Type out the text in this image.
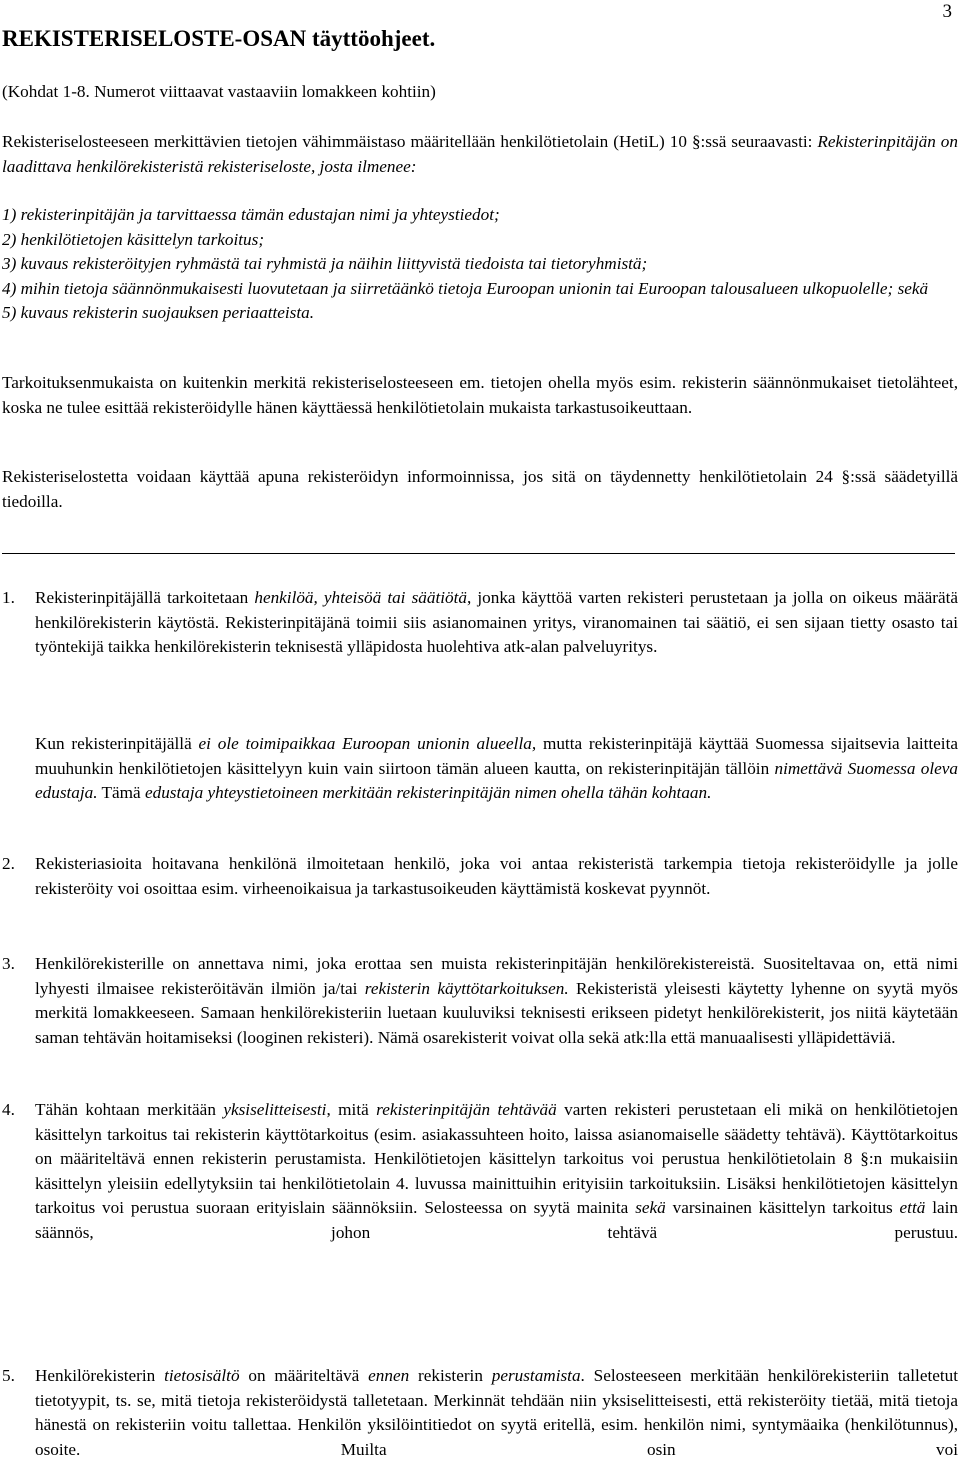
3
REKISTERISELOSTE-OSAN täyttöohjeet.
(Kohdat 1-8. Numerot viittaavat vastaaviin lomakkeen kohtiin)
Rekisteriselosteeseen merkittävien tietojen vähimmäistaso määritellään henkilötietolain (HetiL) 10 §:ssä seuraavasti: Rekisterinpitäjän on laadittava henkilörekisteristä rekisteriseloste, josta ilmenee:
1) rekisterinpitäjän ja tarvittaessa tämän edustajan nimi ja yhteystiedot;
2) henkilötietojen käsittelyn tarkoitus;
3) kuvaus rekisteröityjen ryhmästä tai ryhmistä ja näihin liittyvistä tiedoista tai tietoryhmistä;
4) mihin tietoja säännönmukaisesti luovutetaan ja siirretäänkö tietoja Euroopan unionin tai Euroopan talousalueen ulkopuolelle; sekä
5) kuvaus rekisterin suojauksen periaatteista.
Tarkoituksenmukaista on kuitenkin merkitä rekisteriselosteeseen em. tietojen ohella myös esim. rekisterin säännönmukaiset tietolähteet, koska ne tulee esittää rekisteröidylle hänen käyttäessä henkilötietolain mukaista tarkastusoikeuttaan.
Rekisteriselostetta voidaan käyttää apuna rekisteröidyn informoinnissa, jos sitä on täydennetty henkilötietolain 24 §:ssä säädetyillä tiedoilla.
1. Rekisterinpitäjällä tarkoitetaan henkilöä, yhteisöä tai säätiötä, jonka käyttöä varten rekisteri perustetaan ja jolla on oikeus määrätä henkilörekisterin käytöstä. Rekisterinpitäjänä toimii siis asianomainen yritys, viranomainen tai säätiö, ei sen sijaan tietty osasto tai työntekijä taikka henkilörekisterin teknisestä ylläpidosta huolehtiva atk-alan palveluyritys.
Kun rekisterinpitäjällä ei ole toimipaikkaa Euroopan unionin alueella, mutta rekisterinpitäjä käyttää Suomessa sijaitsevia laitteita muuhunkin henkilötietojen käsittelyyn kuin vain siirtoon tämän alueen kautta, on rekisterinpitäjän tällöin nimettävä Suomessa oleva edustaja. Tämä edustaja yhteystietoineen merkitään rekisterinpitäjän nimen ohella tähän kohtaan.
2. Rekisteriasioita hoitavana henkilönä ilmoitetaan henkilö, joka voi antaa rekisteristä tarkempia tietoja rekisteröidylle ja jolle rekisteröity voi osoittaa esim. virheenoikaisua ja tarkastusoikeuden käyttämistä koskevat pyynnöt.
3. Henkilörekisterille on annettava nimi, joka erottaa sen muista rekisterinpitäjän henkilörekistereistä. Suositeltavaa on, että nimi lyhyesti ilmaisee rekisteröitävän ilmiön ja/tai rekisterin käyttötarkoituksen. Rekisteristä yleisesti käytetty lyhenne on syytä myös merkitä lomakkeeseen. Samaan henkilörekisteriin luetaan kuuluviksi teknisesti erikseen pidetyt henkilörekisterit, jos niitä käytetään saman tehtävän hoitamiseksi (looginen rekisteri). Nämä osarekisterit voivat olla sekä atk:lla että manuaalisesti ylläpidettäviä.
4. Tähän kohtaan merkitään yksiselitteisesti, mitä rekisterinpitäjän tehtävää varten rekisteri perustetaan eli mikä on henkilötietojen käsittelyn tarkoitus tai rekisterin käyttötarkoitus (esim. asiakassuhteen hoito, laissa asianomaiselle säädetty tehtävä). Käyttötarkoitus on määriteltävä ennen rekisterin perustamista. Henkilötietojen käsittelyn tarkoitus voi perustua henkilötietolain 8 §:n mukaisiin käsittelyn yleisiin edellytyksiin tai henkilötietolain 4. luvussa mainittuihin erityisiin tarkoituksiin. Lisäksi henkilötietojen käsittelyn tarkoitus voi perustua suoraan erityislain säännöksiin. Selosteessa on syytä mainita sekä varsinainen käsittelyn tarkoitus että lain säännös, johon tehtävä perustuu.
5. Henkilörekisterin tietosisältö on määriteltävä ennen rekisterin perustamista. Selosteeseen merkitään henkilörekisteriin talletetut tietotyypit, ts. se, mitä tietoja rekisteröidystä talletetaan. Merkinnät tehdään niin yksiselitteisesti, että rekisteröity tietää, mitä tietoja hänestä on rekisteriin voitu tallettaa. Henkilön yksilöintitiedot on syytä eritellä, esim. henkilön nimi, syntymäaika (henkilötunnus), osoite. Muilta osin voi
